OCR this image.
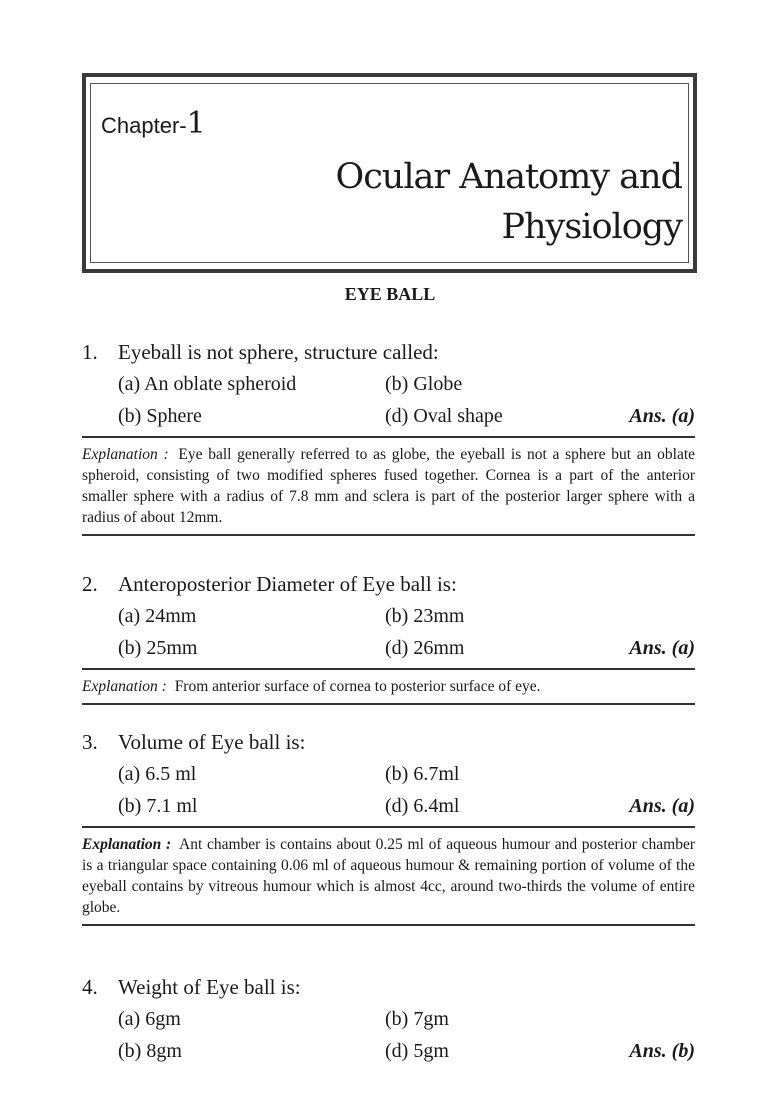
Chapter-1
Ocular Anatomy and
Physiology
EYE BALL
1. Eyeball is not sphere, structure called:
(a) An oblate spheroid	(b) Globe
(b) Sphere	(d) Oval shape	Ans. (a)
Explanation : Eye ball generally referred to as globe, the eyeball is not a sphere but an oblate spheroid, consisting of two modified spheres fused together. Cornea is a part of the anterior smaller sphere with a radius of 7.8 mm and sclera is part of the posterior larger sphere with a radius of about 12mm.
2. Anteroposterior Diameter of Eye ball is:
(a) 24mm	(b) 23mm
(b) 25mm	(d) 26mm	Ans. (a)
Explanation : From anterior surface of cornea to posterior surface of eye.
3. Volume of Eye ball is:
(a) 6.5 ml	(b) 6.7ml
(b) 7.1 ml	(d) 6.4ml	Ans. (a)
Explanation : Ant chamber is contains about 0.25 ml of aqueous humour and posterior chamber is a triangular space containing 0.06 ml of aqueous humour & remaining portion of volume of the eyeball contains by vitreous humour which is almost 4cc, around two-thirds the volume of entire globe.
4. Weight of Eye ball is:
(a) 6gm	(b) 7gm
(b) 8gm	(d) 5gm	Ans. (b)
